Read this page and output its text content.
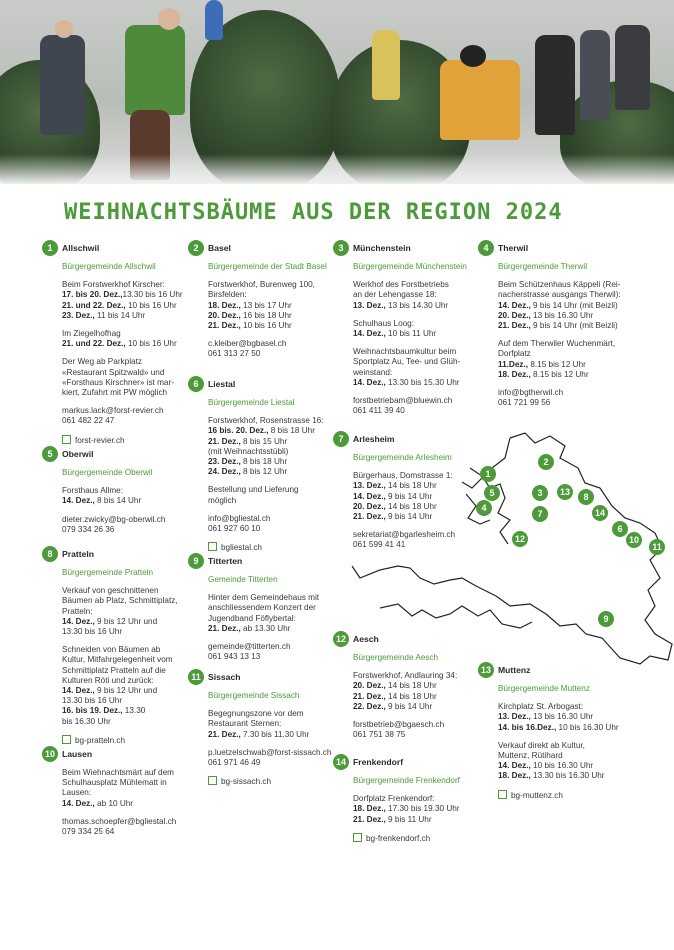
WEIHNACHTSBÄUME AUS DER REGION 2024
1	Allschwil
Bürgergemeinde Allschwil
Beim Forstwerkhof Kirscher:
17. bis 20. Dez.,13.30 bis 16 Uhr
21. und 22. Dez., 10 bis 16 Uhr
23. Dez., 11 bis 14 Uhr
Im Ziegelhofhag
21. und 22. Dez., 10 bis 16 Uhr
Der Weg ab Parkplatz
«Restaurant Spitzwald» und
«Forsthaus Kirschner» ist mar-
kiert, Zufahrt mit PW möglich
markus.lack@forst-revier.ch
061 482 22 47
forst-revier.ch
2	Basel
Bürgergemeinde der Stadt Basel
Forstwerkhof, Burenweg 100,
Birsfelden:
18. Dez., 13 bis 17 Uhr
20. Dez., 16 bis 18 Uhr
21. Dez., 10 bis 16 Uhr
c.kleiber@bgbasel.ch
061 313 27 50
3	Münchenstein
Bürgergemeinde Münchenstein
Werkhof des Forstbetriebs
an der Lehengasse 18:
13. Dez., 13 bis 14.30 Uhr
Schulhaus Loog:
14. Dez., 10 bis 11 Uhr
Weihnachtsbaumkultur beim
Sportplatz Au, Tee- und Glüh-
weinstand:
14. Dez., 13.30 bis 15.30 Uhr
forstbetriebam@bluewin.ch
061 411 39 40
4	Therwil
Bürgergemeinde Therwil
Beim Schützenhaus Käppeli (Rei-
nacherstrasse ausgangs Therwil):
14. Dez., 9 bis 14 Uhr (mit Beizli)
20. Dez., 13 bis 16.30 Uhr
21. Dez., 9 bis 14 Uhr (mit Beizli)
Auf dem Therwiler Wuchenmärt,
Dorfplatz
11.Dez., 8.15 bis 12 Uhr
18. Dez., 8.15 bis 12 Uhr
info@bgtherwil.ch
061 721 99 56
5	Oberwil
Bürgergemeinde Oberwil
Forsthaus Allme:
14. Dez., 8 bis 14 Uhr
dieter.zwicky@bg-oberwil.ch
079 334 26 36
6	Liestal
Bürgergemeinde Liestal
Forstwerkhof, Rosenstrasse 16:
16 bis. 20. Dez., 8 bis 18 Uhr
21. Dez., 8 bis 15 Uhr
(mit Weihnachtsstübli)
23. Dez., 8 bis 18 Uhr
24. Dez., 8 bis 12 Uhr
Bestellung und Lieferung
möglich
info@bgliestal.ch
061 927 60 10
bgliestal.ch
7	Arlesheim
Bürgergemeinde Arlesheim
Bürgerhaus, Domstrasse 1:
13. Dez., 14 bis 18 Uhr
14. Dez., 9 bis 14 Uhr
20. Dez., 14 bis 18 Uhr
21. Dez., 9 bis 14 Uhr
sekretariat@bgarlesheim.ch
061 599 41 41
8	Pratteln
Bürgergemeinde Pratteln
Verkauf von geschnittenen
Bäumen ab Platz, Schmittiplatz,
Pratteln:
14. Dez., 9 bis 12 Uhr und
13.30 bis 16 Uhr
Schneiden von Bäumen ab
Kultur, Mitfahrgelegenheit vom
Schmittiplatz Pratteln auf die
Kulturen Röti und zurück:
14. Dez., 9 bis 12 Uhr und
13.30 bis 16 Uhr
16. bis 19. Dez., 13.30
bis 16.30 Uhr
bg-pratteln.ch
9	Titterten
Gemeinde Titterten
Hinter dem Gemeindehaus mit
anschliessendem Konzert der
Jugendband Föflybertal:
21. Dez., ab 13.30 Uhr
gemeinde@titterten.ch
061 943 13 13
10 Lausen
Beim Wiehnachtsmärt auf dem
Schulhausplatz Mühlematt in
Lausen:
14. Dez., ab 10 Uhr
thomas.schoepfer@bgliestal.ch
079 334 25 64
11 Sissach
Bürgergemeinde Sissach
Begegnungszone vor dem
Restaurant Sternen:
21. Dez., 7.30 bis 11.30 Uhr
p.luetzelschwab@forst-sissach.ch
061 971 46 49
bg-sissach.ch
12 Aesch
Bürgergemeinde Aesch
Forstwerkhof, Andlauring 34:
20. Dez., 14 bis 18 Uhr
21. Dez., 14 bis 18 Uhr
22. Dez., 9 bis 14 Uhr
forstbetrieb@bgaesch.ch
061 751 38 75
13 Muttenz
Bürgergemeinde Muttenz
Kirchplatz St. Arbogast:
13. Dez., 13 bis 16.30 Uhr
14. bis 16.Dez., 10 bis 16.30 Uhr
Verkauf direkt ab Kultur,
Muttenz, Rütihard
14. Dez., 10 bis 16.30 Uhr
18. Dez., 13.30 bis 16.30 Uhr
bg-muttenz.ch
14 Frenkendorf
Bürgergemeinde Frenkendorf
Dorfplatz Frenkendorf:
18. Dez., 17.30 bis 19.30 Uhr
21. Dez., 9 bis 11 Uhr
bg-frenkendorf.ch
1
2
3
4
5
6
7
8
9
10
11
12
13
14
